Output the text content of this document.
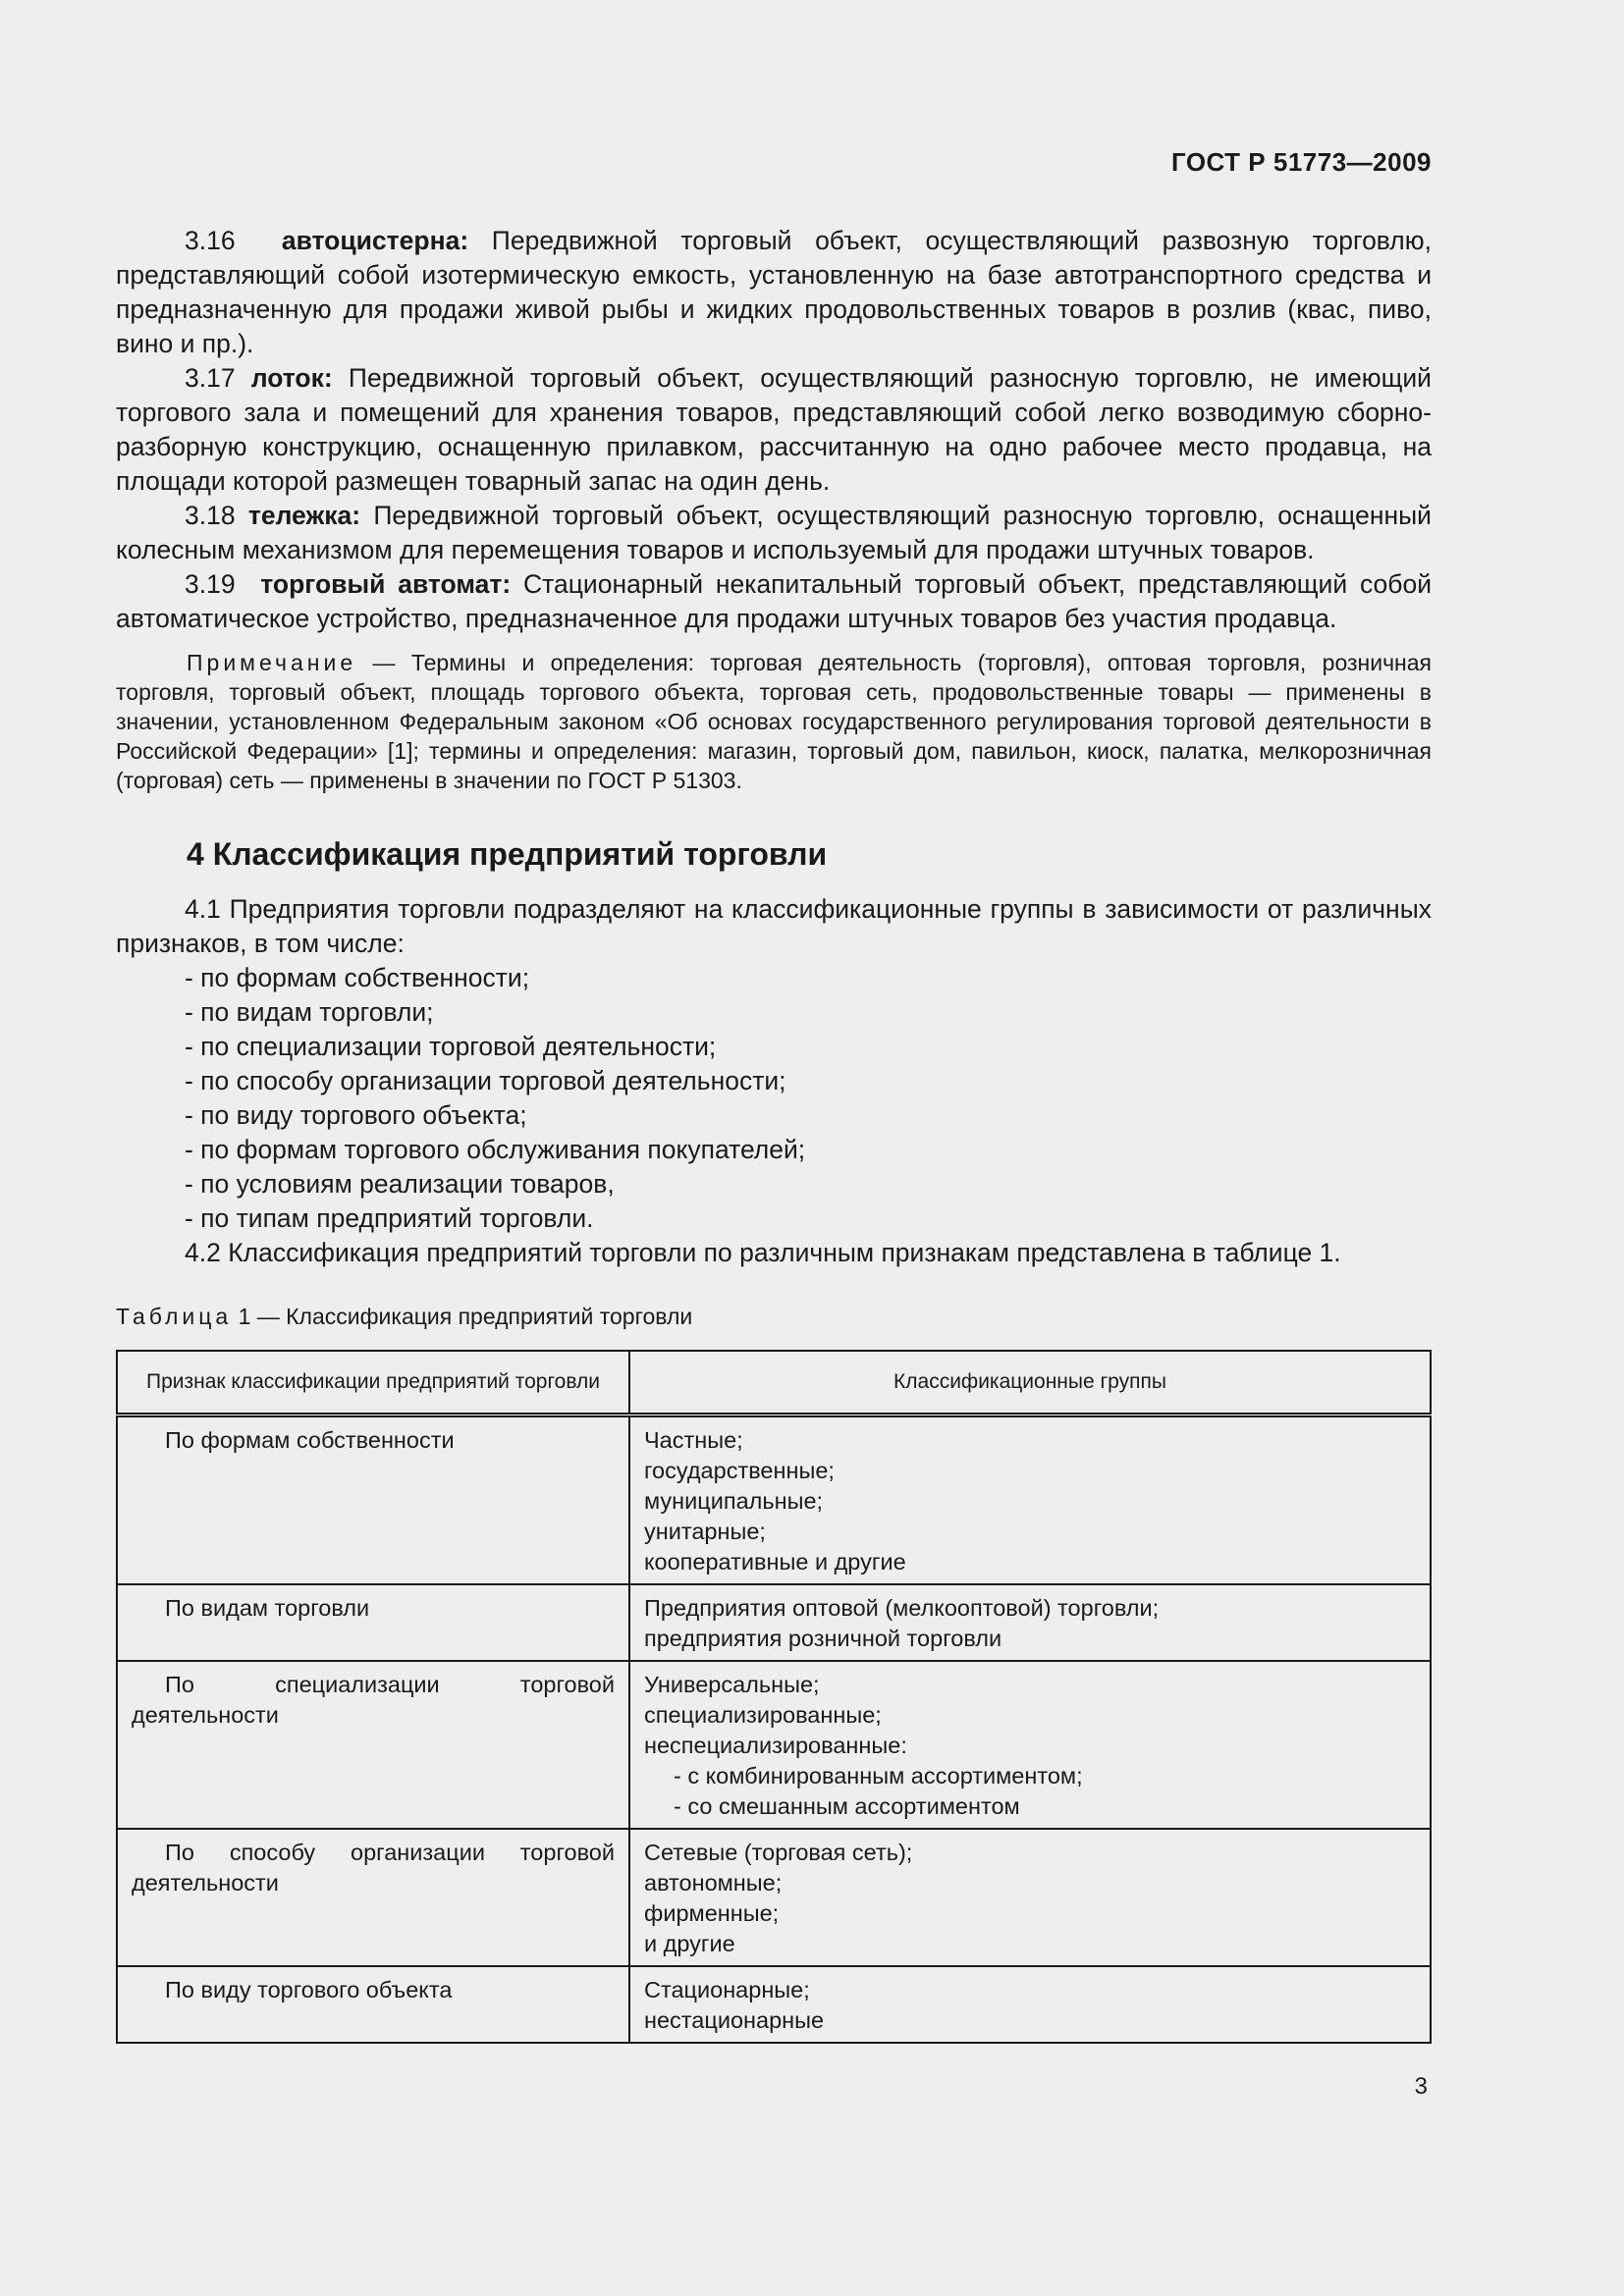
ГОСТ Р 51773—2009

3.16 автоцистерна: Передвижной торговый объект, осуществляющий развозную торговлю, представляющий собой изотермическую емкость, установленную на базе автотранспортного средства и предназначенную для продажи живой рыбы и жидких продовольственных товаров в розлив (квас, пиво, вино и пр.).

3.17 лоток: Передвижной торговый объект, осуществляющий разносную торговлю, не имеющий торгового зала и помещений для хранения товаров, представляющий собой легко возводимую сборно-разборную конструкцию, оснащенную прилавком, рассчитанную на одно рабочее место продавца, на площади которой размещен товарный запас на один день.

3.18 тележка: Передвижной торговый объект, осуществляющий разносную торговлю, оснащенный колесным механизмом для перемещения товаров и используемый для продажи штучных товаров.

3.19 торговый автомат: Стационарный некапитальный торговый объект, представляющий собой автоматическое устройство, предназначенное для продажи штучных товаров без участия продавца.

Примечание — Термины и определения: торговая деятельность (торговля), оптовая торговля, розничная торговля, торговый объект, площадь торгового объекта, торговая сеть, продовольственные товары — применены в значении, установленном Федеральным законом «Об основах государственного регулирования торговой деятельности в Российской Федерации» [1]; термины и определения: магазин, торговый дом, павильон, киоск, палатка, мелкорозничная (торговая) сеть — применены в значении по ГОСТ Р 51303.

4 Классификация предприятий торговли

4.1 Предприятия торговли подразделяют на классификационные группы в зависимости от различных признаков, в том числе:

- по формам собственности;
- по видам торговли;
- по специализации торговой деятельности;
- по способу организации торговой деятельности;
- по виду торгового объекта;
- по формам торгового обслуживания покупателей;
- по условиям реализации товаров,
- по типам предприятий торговли.

4.2 Классификация предприятий торговли по различным признакам представлена в таблице 1.

Таблица 1 — Классификация предприятий торговли
Признак классификации предприятий торговли	Классификационные группы
По формам собственности	Частные;
государственные;
муниципальные;
унитарные;
кооперативные и другие

По видам торговли	Предприятия оптовой (мелкооптовой) торговли;
предприятия розничной торговли

По специализации торговой деятельности	Универсальные;
специализированные;
неспециализированные:
- с комбинированным ассортиментом;
- со смешанным ассортиментом

По способу организации торговой деятельности	Сетевые (торговая сеть);
автономные;
фирменные;
и другие

По виду торгового объекта	Стационарные;
нестационарные
3
